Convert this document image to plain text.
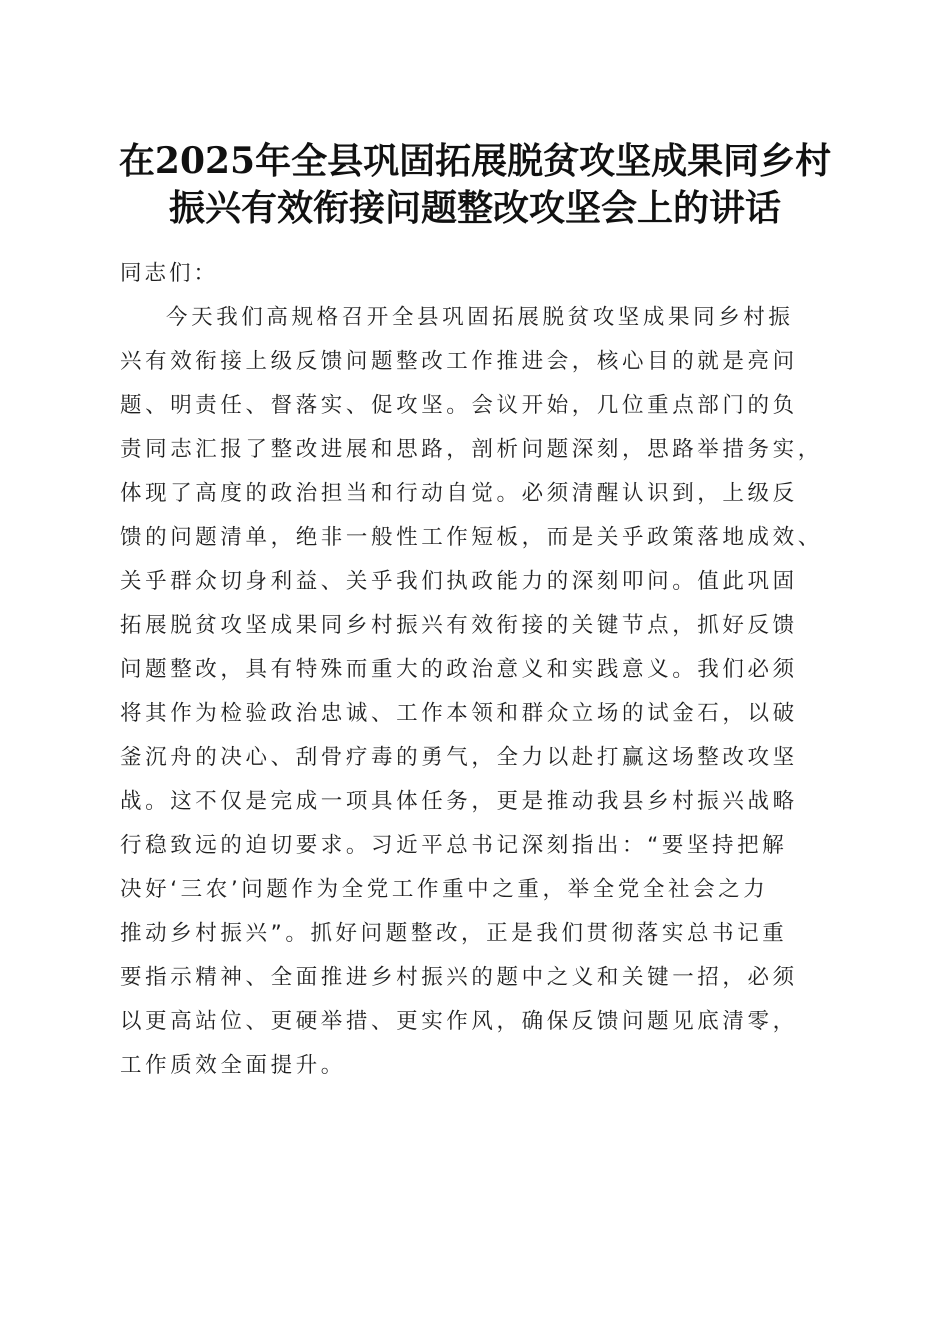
在2025年全县巩固拓展脱贫攻坚成果同乡村
振兴有效衔接问题整改攻坚会上的讲话
同志们：

今天我们高规格召开全县巩固拓展脱贫攻坚成果同乡村振
兴有效衔接上级反馈问题整改工作推进会，核心目的就是亮问
题、明责任、督落实、促攻坚。会议开始，几位重点部门的负
责同志汇报了整改进展和思路，剖析问题深刻，思路举措务实，
体现了高度的政治担当和行动自觉。必须清醒认识到，上级反
馈的问题清单，绝非一般性工作短板，而是关乎政策落地成效、
关乎群众切身利益、关乎我们执政能力的深刻叩问。值此巩固
拓展脱贫攻坚成果同乡村振兴有效衔接的关键节点，抓好反馈
问题整改，具有特殊而重大的政治意义和实践意义。我们必须
将其作为检验政治忠诚、工作本领和群众立场的试金石，以破
釜沉舟的决心、刮骨疗毒的勇气，全力以赴打赢这场整改攻坚
战。这不仅是完成一项具体任务，更是推动我县乡村振兴战略
行稳致远的迫切要求。习近平总书记深刻指出：“要坚持把解
决好‘三农’问题作为全党工作重中之重，举全党全社会之力
推动乡村振兴”。抓好问题整改，正是我们贯彻落实总书记重
要指示精神、全面推进乡村振兴的题中之义和关键一招，必须
以更高站位、更硬举措、更实作风，确保反馈问题见底清零，
工作质效全面提升。
